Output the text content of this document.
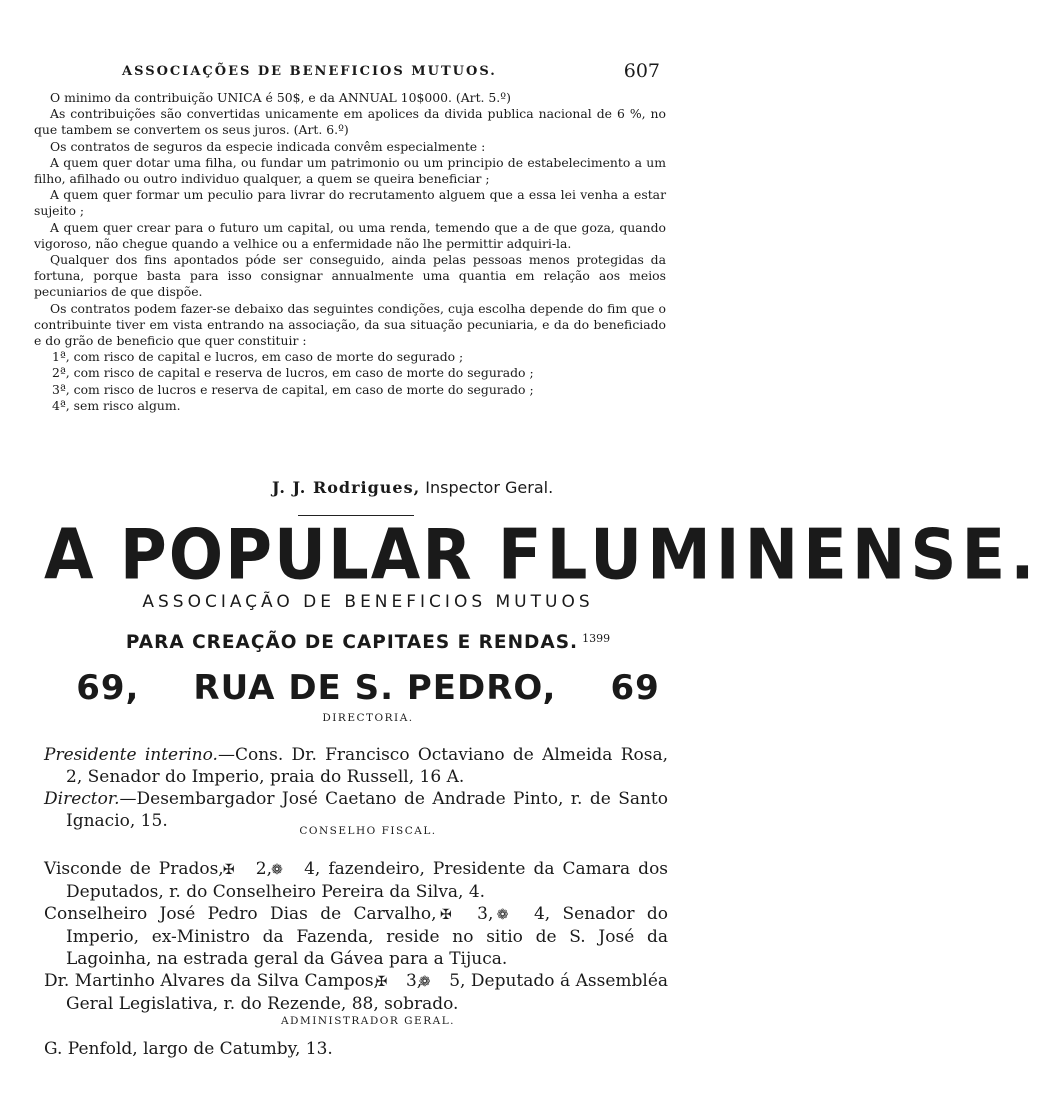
ASSOCIAÇÕES DE BENEFICIOS MUTUOS.	607

O minimo da contribuição UNICA é 50$, e da ANNUAL 10$000. (Art. 5.º)

As contribuições são convertidas unicamente em apolices da divida publica nacional de 6 %, no que tambem se convertem os seus juros. (Art. 6.º)

Os contratos de seguros da especie indicada convêm especialmente :

A quem quer dotar uma filha, ou fundar um patrimonio ou um principio de estabelecimento a um filho, afilhado ou outro individuo qualquer, a quem se queira beneficiar ;

A quem quer formar um peculio para livrar do recrutamento alguem que a essa lei venha a estar sujeito ;

A quem quer crear para o futuro um capital, ou uma renda, temendo que a de que goza, quando vigoroso, não chegue quando a velhice ou a enfermidade não lhe permittir adquiri-la.

Qualquer dos fins apontados póde ser conseguido, ainda pelas pessoas menos protegidas da fortuna, porque basta para isso consignar annualmente uma quantia em relação aos meios pecuniarios de que dispõe.

Os contratos podem fazer-se debaixo das seguintes condições, cuja escolha depende do fim que o contribuinte tiver em vista entrando na associação, da sua situação pecuniaria, e da do beneficiado e do grão de beneficio que quer constituir :

1ª, com risco de capital e lucros, em caso de morte do segurado ;

2ª, com risco de capital e reserva de lucros, em caso de morte do segurado ;

3ª, com risco de lucros e reserva de capital, em caso de morte do segurado ;

4ª, sem risco algum.

J. J. Rodrigues, Inspector Geral.
A POPULAR FLUMINENSE.
ASSOCIAÇÃO DE BENEFICIOS MUTUOS
PARA CREAÇÃO DE CAPITAES E RENDAS. $^{1399}$
69, RUA DE S. PEDRO, 69
DIRECTORIA.

Presidente interino.—Cons. Dr. Francisco Octaviano de Almeida Rosa, 2, Senador do Imperio, praia do Russell, 16 A.

Director.—Desembargador José Caetano de Andrade Pinto, r. de Santo Ignacio, 15.	CONSELHO FISCAL.

Visconde de Prados, ✠ 2, ❁ 4, fazendeiro, Presidente da Camara dos Deputados, r. do Conselheiro Pereira da Silva, 4.

Conselheiro José Pedro Dias de Carvalho, ✠ 3, ❁ 4, Senador do Imperio, ex-Ministro da Fazenda, reside no sitio de S. José da Lagoinha, na estrada geral da Gávea para a Tijuca.

Dr. Martinho Alvares da Silva Campos, ✠ 3, ❁ 5, Deputado á Assembléa Geral Legislativa, r. do Rezende, 88, sobrado.

ADMINISTRADOR GERAL.

G. Penfold, largo de Catumby, 13.
